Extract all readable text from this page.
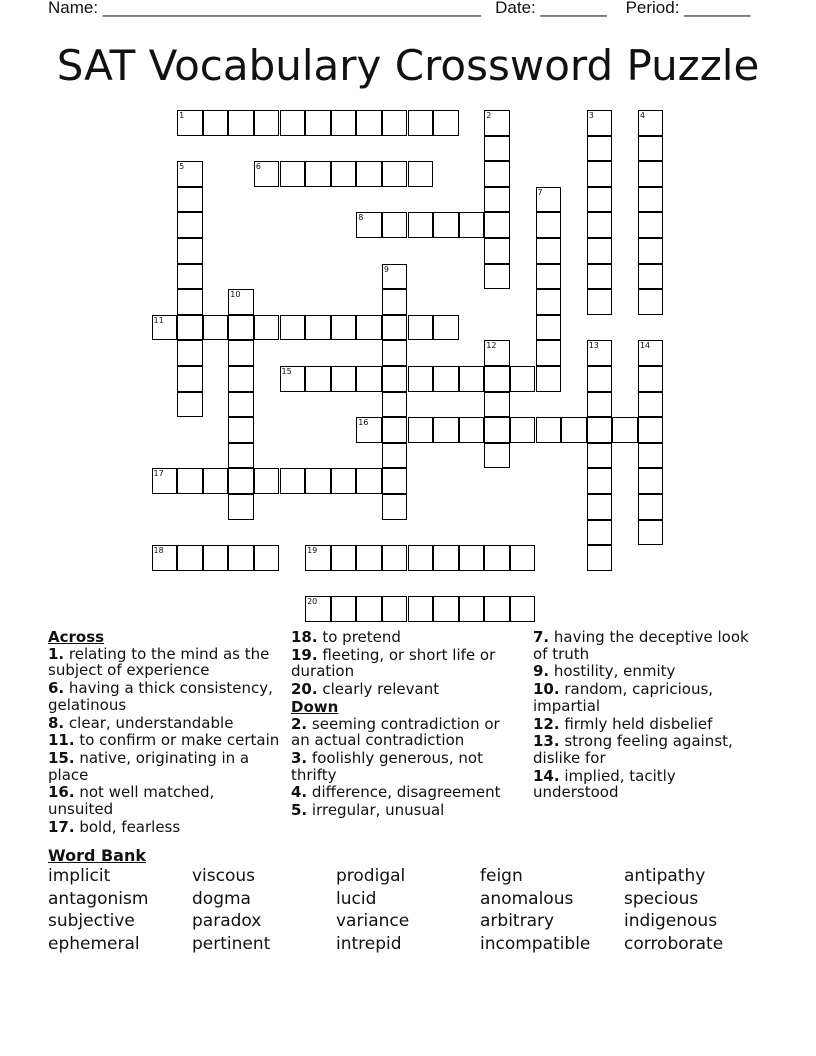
Name: ________________________________________   Date: _______    Period: _______
SAT Vocabulary Crossword Puzzle
1	2	3	4
5	6
7
8
9
10
11
12	13	14
15
16
17
18	19
20
Across
1. relating to the mind as the subject of experience
6. having a thick consistency, gelatinous
8. clear, understandable
11. to confirm or make certain
15. native, originating in a place
16. not well matched, unsuited
17. bold, fearless
18. to pretend
19. fleeting, or short life or duration
20. clearly relevant
Down
2. seeming contradiction or an actual contradiction
3. foolishly generous, not thrifty
4. difference, disagreement
5. irregular, unusual
7. having the deceptive look of truth
9. hostility, enmity
10. random, capricious, impartial
12. firmly held disbelief
13. strong feeling against, dislike for
14. implied, tacitly understood
Word Bank
implicit	viscous	prodigal	feign	antipathy
antagonism	dogma	lucid	anomalous	specious
subjective	paradox	variance	arbitrary	indigenous
ephemeral	pertinent	intrepid	incompatible	corroborate
